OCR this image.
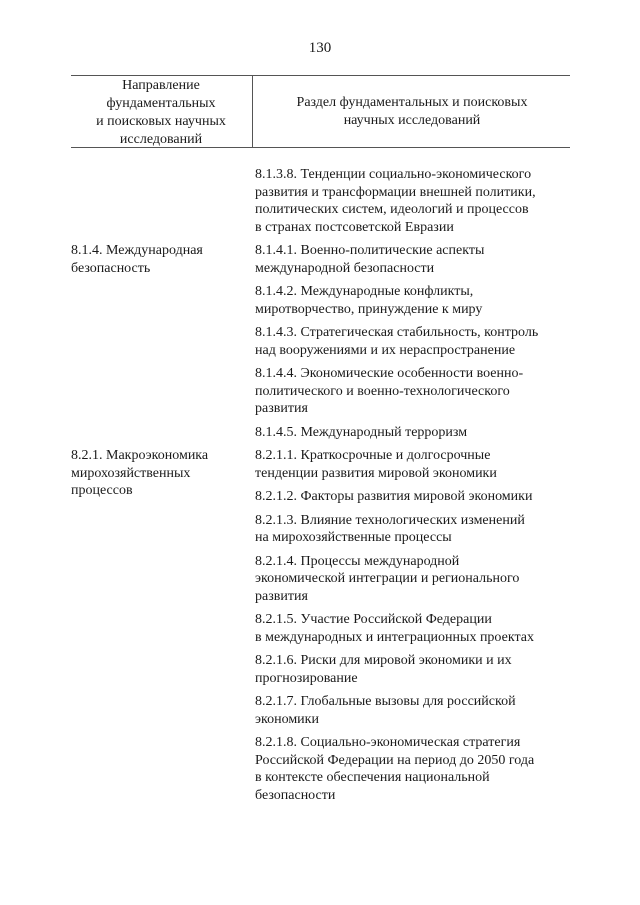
130
Направление
фундаментальных
и поисковых научных
исследований
Раздел фундаментальных и поисковых
научных исследований
8.1.3.8. Тенденции социально-экономического
развития и трансформации внешней политики,
политических систем, идеологий и процессов
в странах постсоветской Евразии
8.1.4. Международная
безопасность
8.1.4.1. Военно-политические аспекты
международной безопасности
8.1.4.2. Международные конфликты,
миротворчество, принуждение к миру
8.1.4.3. Стратегическая стабильность, контроль
над вооружениями и их нераспространение
8.1.4.4. Экономические особенности военно-
политического и военно-технологического
развития
8.1.4.5. Международный терроризм
8.2.1. Макроэкономика
мирохозяйственных
процессов
8.2.1.1. Краткосрочные и долгосрочные
тенденции развития мировой экономики
8.2.1.2. Факторы развития мировой экономики
8.2.1.3. Влияние технологических изменений
на мирохозяйственные процессы
8.2.1.4. Процессы международной
экономической интеграции и регионального
развития
8.2.1.5. Участие Российской Федерации
в международных и интеграционных проектах
8.2.1.6. Риски для мировой экономики и их
прогнозирование
8.2.1.7. Глобальные вызовы для российской
экономики
8.2.1.8. Социально-экономическая стратегия
Российской Федерации на период до 2050 года
в контексте обеспечения национальной
безопасности
